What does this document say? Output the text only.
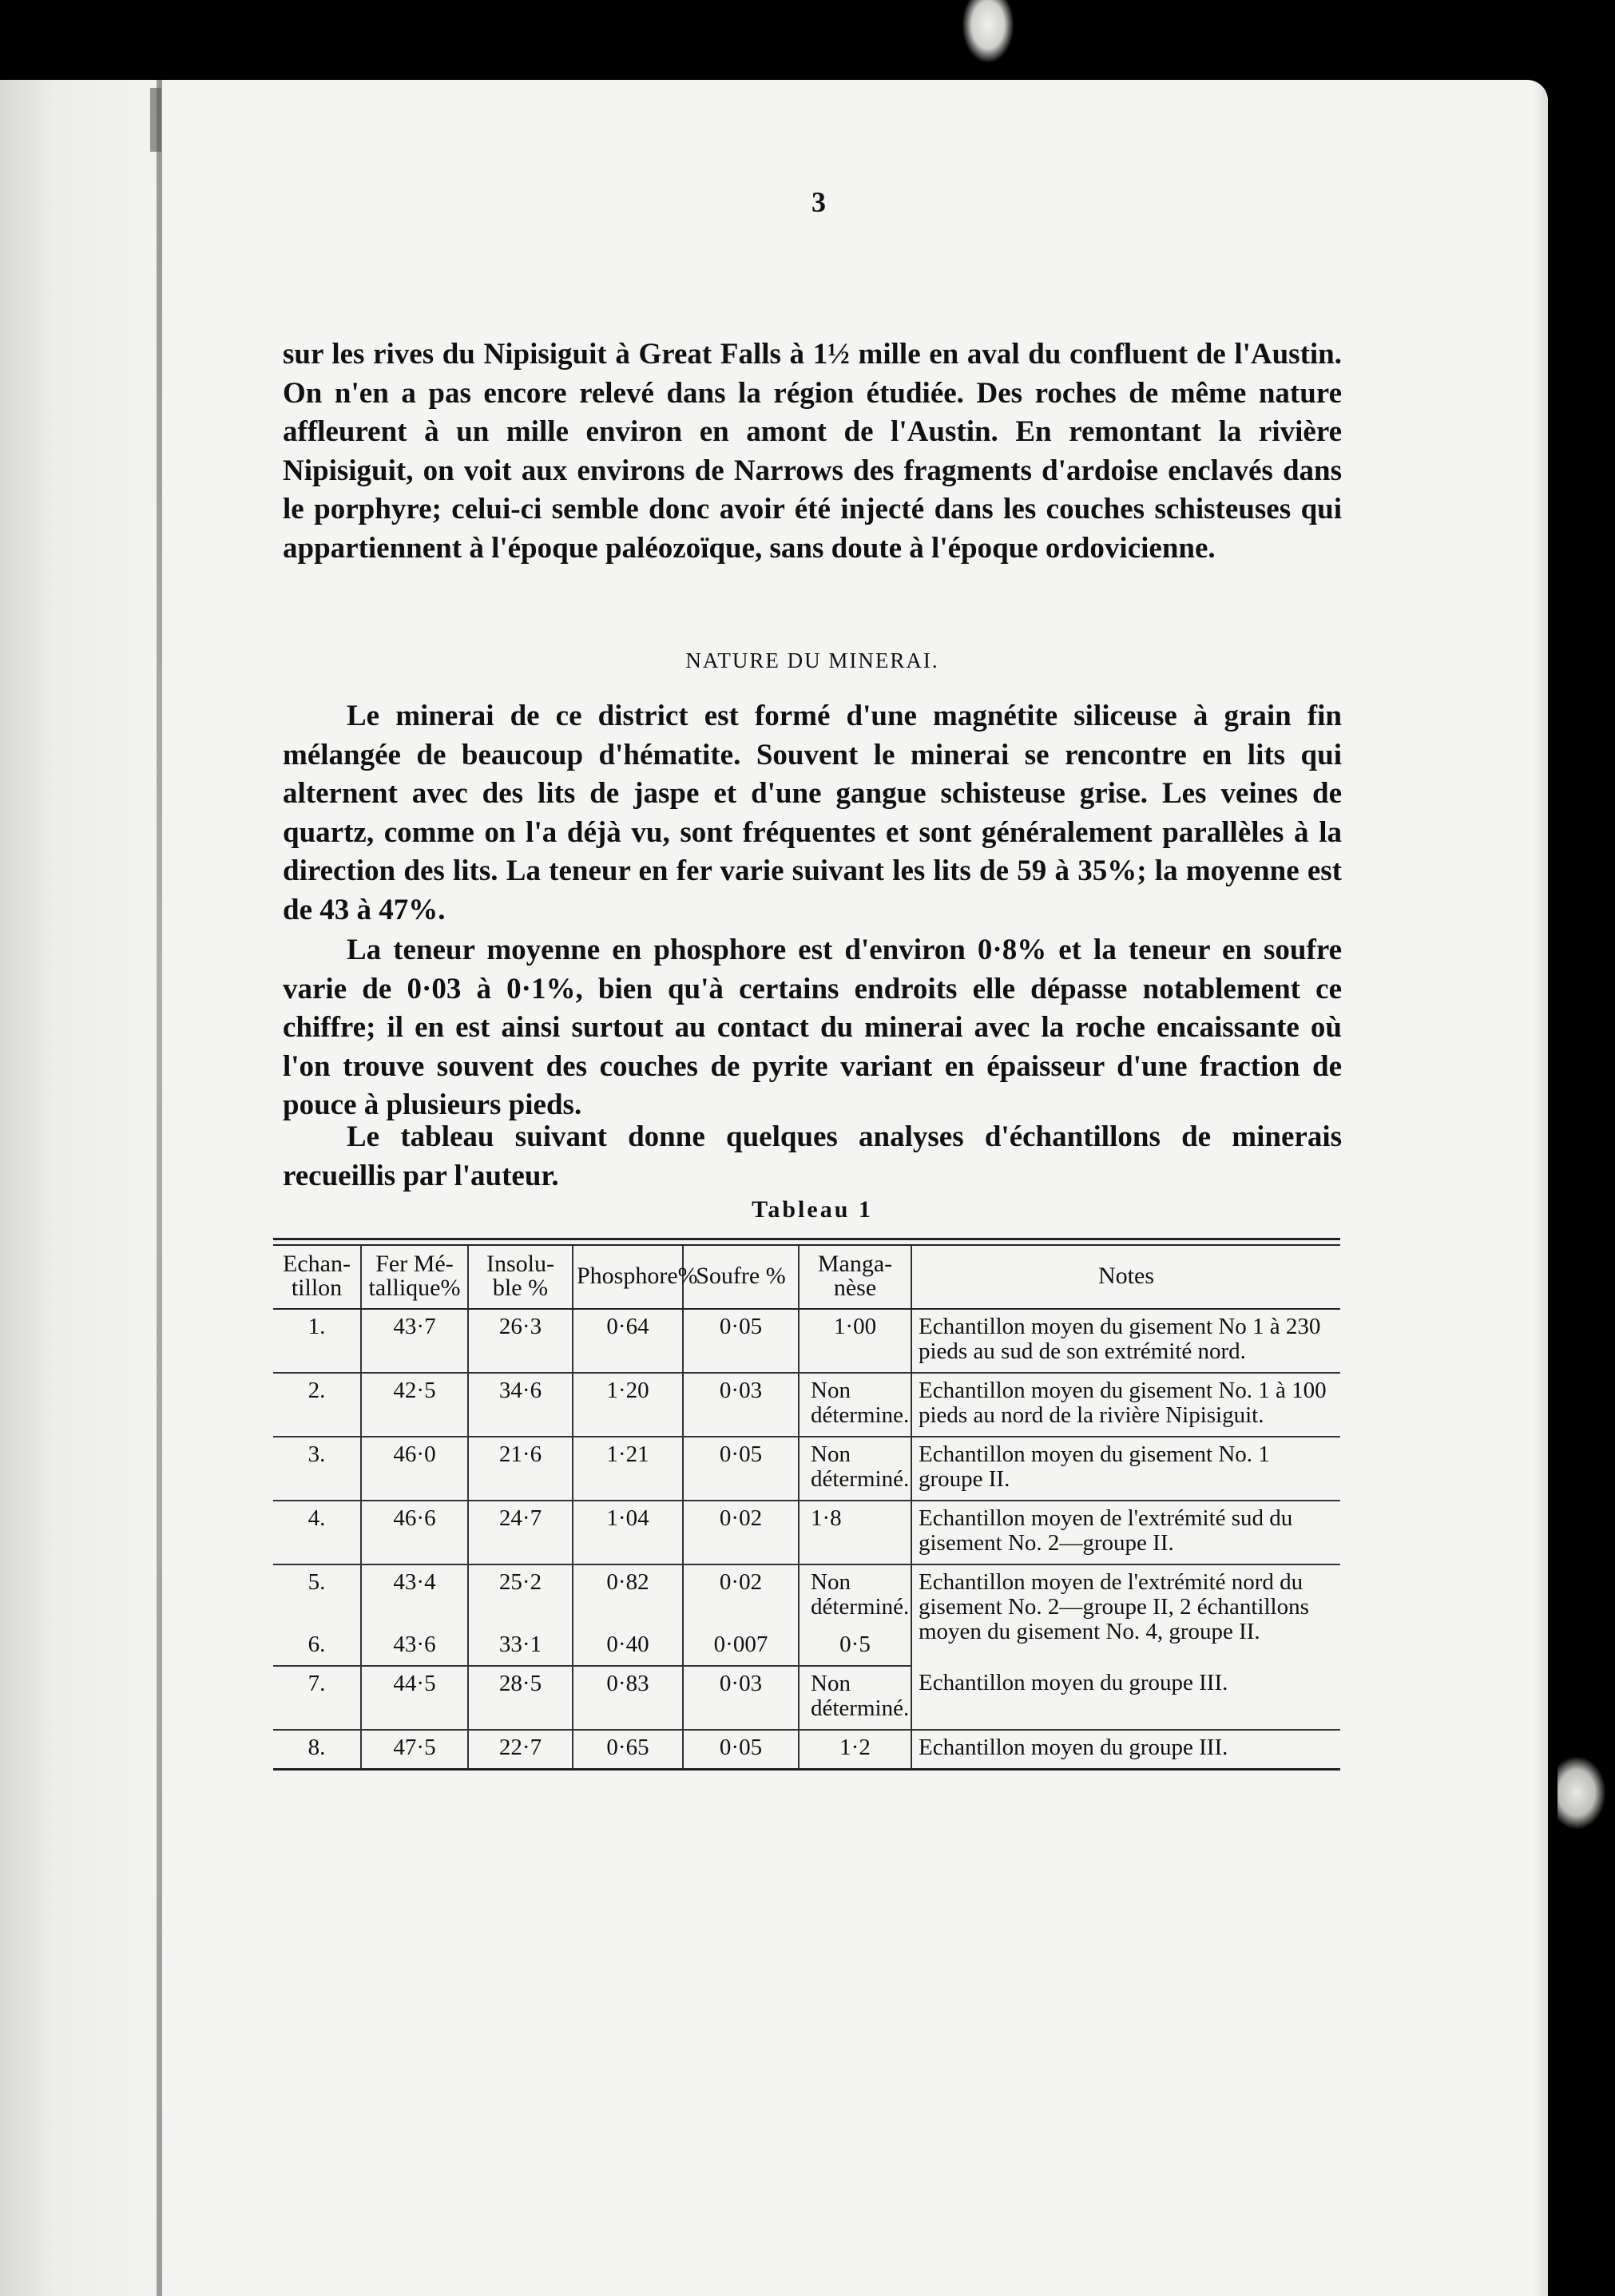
3

sur les rives du Nipisiguit à Great Falls à 1½ mille en aval du confluent de l'Austin. On n'en a pas encore relevé dans la région étudiée. Des roches de même nature affleurent à un mille environ en amont de l'Austin. En remontant la rivière Nipisiguit, on voit aux environs de Narrows des fragments d'ardoise enclavés dans le porphyre; celui-ci semble donc avoir été injecté dans les couches schisteuses qui appartiennent à l'époque paléozoïque, sans doute à l'époque ordovicienne.

NATURE DU MINERAI.

Le minerai de ce district est formé d'une magnétite siliceuse à grain fin mélangée de beaucoup d'hématite. Souvent le minerai se rencontre en lits qui alternent avec des lits de jaspe et d'une gangue schisteuse grise. Les veines de quartz, comme on l'a déjà vu, sont fréquentes et sont généralement parallèles à la direction des lits. La teneur en fer varie suivant les lits de 59 à 35%; la moyenne est de 43 à 47%.

La teneur moyenne en phosphore est d'environ 0·8% et la teneur en soufre varie de 0·03 à 0·1%, bien qu'à certains endroits elle dépasse notablement ce chiffre; il en est ainsi surtout au contact du minerai avec la roche encaissante où l'on trouve souvent des couches de pyrite variant en épaisseur d'une fraction de pouce à plusieurs pieds.

Le tableau suivant donne quelques analyses d'échantillons de minerais recueillis par l'auteur.

Tableau 1
Echan-tillon	Fer Mé-tallique%	Insolu-ble %	Phosphore%	Soufre %	Manga-nèse	Notes
1.	43·7	26·3	0·64	0·05	1·00	Echantillon moyen du gisement No 1 à 230 pieds au sud de son extrémité nord.
2.	42·5	34·6	1·20	0·03	Non détermine.	Echantillon moyen du gisement No. 1 à 100 pieds au nord de la rivière Nipisiguit.
3.	46·0	21·6	1·21	0·05	Non déterminé.	Echantillon moyen du gisement No. 1 groupe II.
4.	46·6	24·7	1·04	0·02	1·8	Echantillon moyen de l'extrémité sud du gisement No. 2—groupe II.
5.	43·4	25·2	0·82	0·02	Non déterminé.	Echantillon moyen de l'extrémité nord du gisement No. 2—groupe II, 2 échantillons moyen du gisement No. 4, groupe II.
6.	43·6	33·1	0·40	0·007	0·5	
7.	44·5	28·5	0·83	0·03	Non déterminé.	Echantillon moyen du groupe III.
8.	47·5	22·7	0·65	0·05	1·2	Echantillon moyen du groupe III.
